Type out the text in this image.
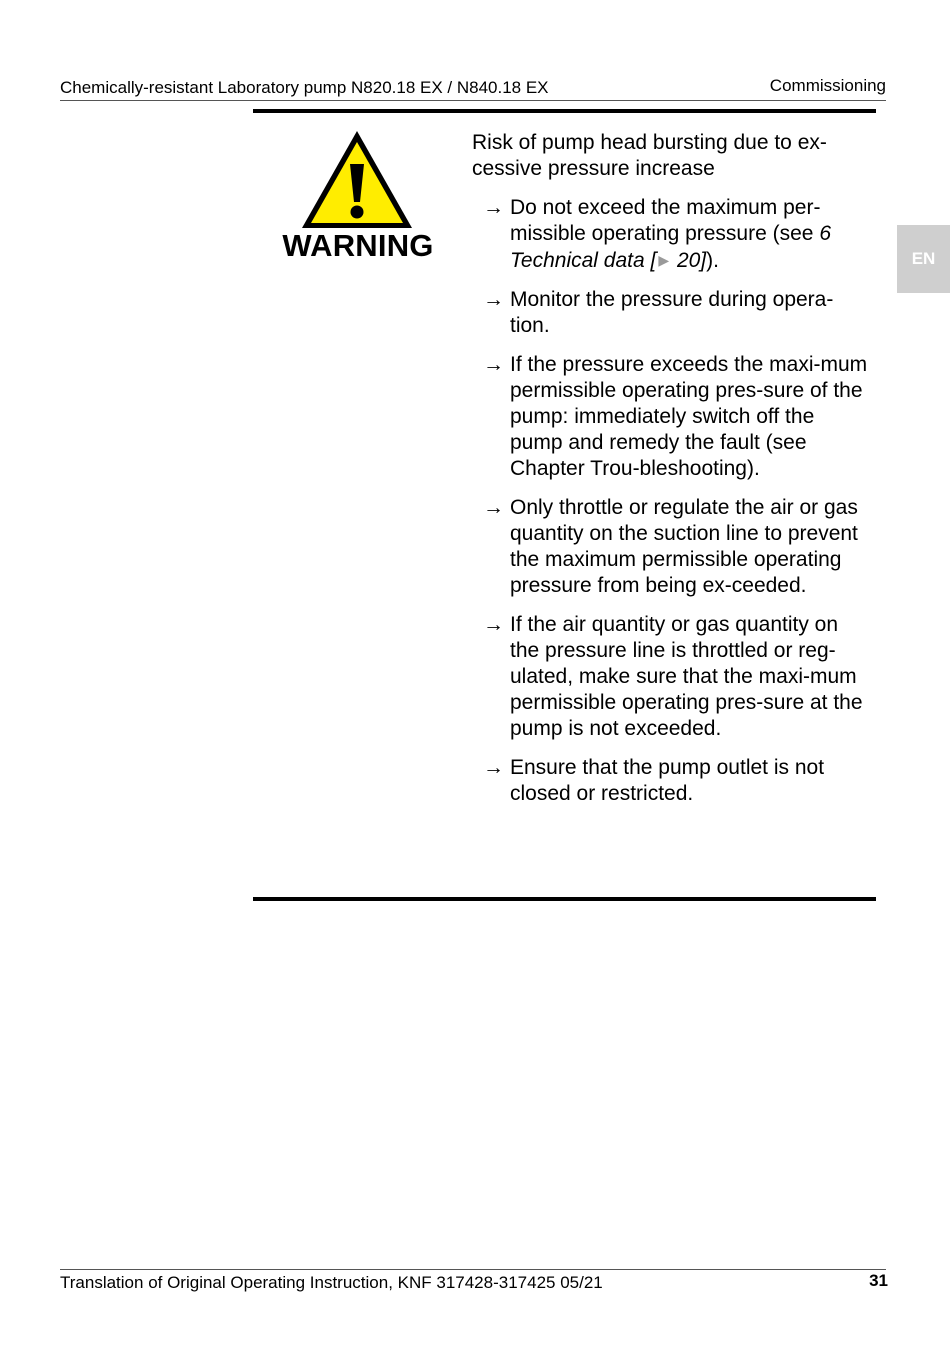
Chemically-resistant Laboratory pump N820.18 EX / N840.18 EX	Commissioning
EN
WARNING

Risk of pump head bursting due to ex-cessive pressure increase

→ Do not exceed the maximum per-missible operating pressure (see 6 Technical data [ ▶ 20]).
→ Monitor the pressure during opera-tion.
→ If the pressure exceeds the maxi-mum permissible operating pres-sure of the pump: immediately switch off the pump and remedy the fault (see Chapter Trou-bleshooting).
→ Only throttle or regulate the air or gas quantity on the suction line to prevent the maximum permissible operating pressure from being ex-ceeded.
→ If the air quantity or gas quantity on the pressure line is throttled or reg-ulated, make sure that the maxi-mum permissible operating pres-sure at the pump is not exceeded.
→ Ensure that the pump outlet is not closed or restricted.
Translation of Original Operating Instruction, KNF 317428-317425 05/21	31
